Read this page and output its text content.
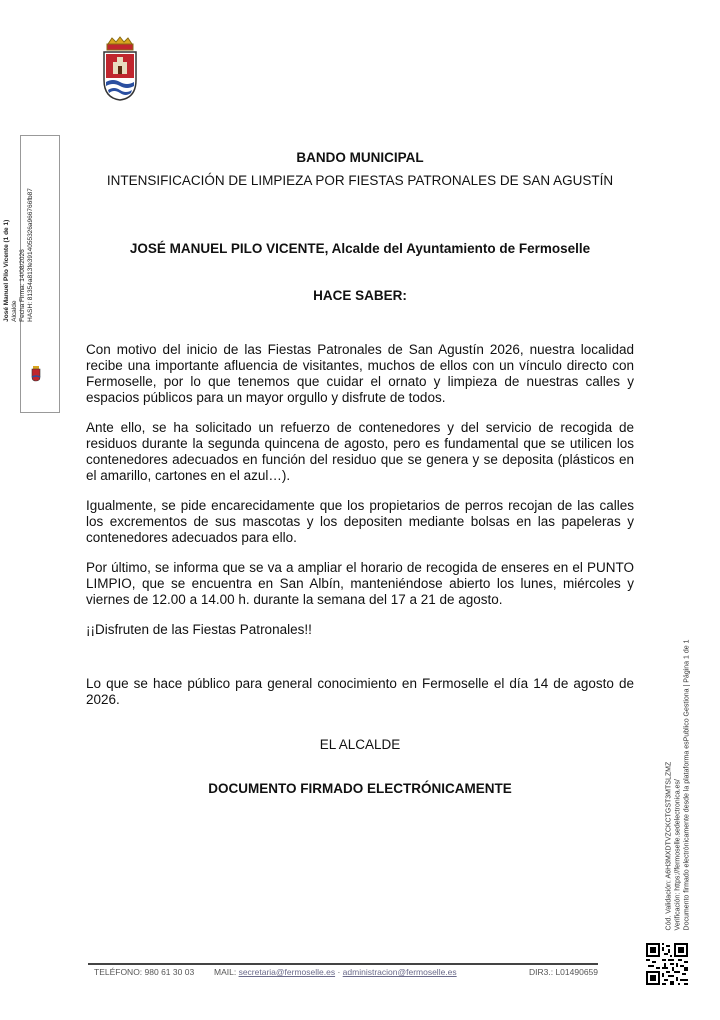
José Manuel Pilo Vicente (1 de 1) Alcalde Fecha Firma: 14/08/2026 HASH: 81354a813fe3914055326a966766fb87
BANDO MUNICIPAL
INTENSIFICACIÓN DE LIMPIEZA POR FIESTAS PATRONALES DE SAN AGUSTÍN
JOSÉ MANUEL PILO VICENTE, Alcalde del Ayuntamiento de Fermoselle
HACE SABER:

Con motivo del inicio de las Fiestas Patronales de San Agustín 2026, nuestra localidad recibe una importante afluencia de visitantes, muchos de ellos con un vínculo directo con Fermoselle, por lo que tenemos que cuidar el ornato y limpieza de nuestras calles y espacios públicos para un mayor orgullo y disfrute de todos.

Ante ello, se ha solicitado un refuerzo de contenedores y del servicio de recogida de residuos durante la segunda quincena de agosto, pero es fundamental que se utilicen los contenedores adecuados en función del residuo que se genera y se deposita (plásticos en el amarillo, cartones en el azul…).

Igualmente, se pide encarecidamente que los propietarios de perros recojan de las calles los excrementos de sus mascotas y los depositen mediante bolsas en las papeleras y contenedores adecuados para ello.

Por último, se informa que se va a ampliar el horario de recogida de enseres en el PUNTO LIMPIO, que se encuentra en San Albín, manteniéndose abierto los lunes, miércoles y viernes de 12.00 a 14.00 h. durante la semana del 17 a 21 de agosto.

¡¡Disfruten de las Fiestas Patronales!!

Lo que se hace público para general conocimiento en Fermoselle el día 14 de agosto de 2026.
EL ALCALDE
DOCUMENTO FIRMADO ELECTRÓNICAMENTE	Cód. Validación: A6H3MXDTVZCKCTGST3MTSLZMZ Verificación: https://fermoselle.sedelectronica.es/ Documento firmado electrónicamente desde la plataforma esPublico Gestiona | Página 1 de 1
TELÉFONO: 980 61 30 03 MAIL: secretaria@fermoselle.es · administracion@fermoselle.es	DIR3.: L01490659
